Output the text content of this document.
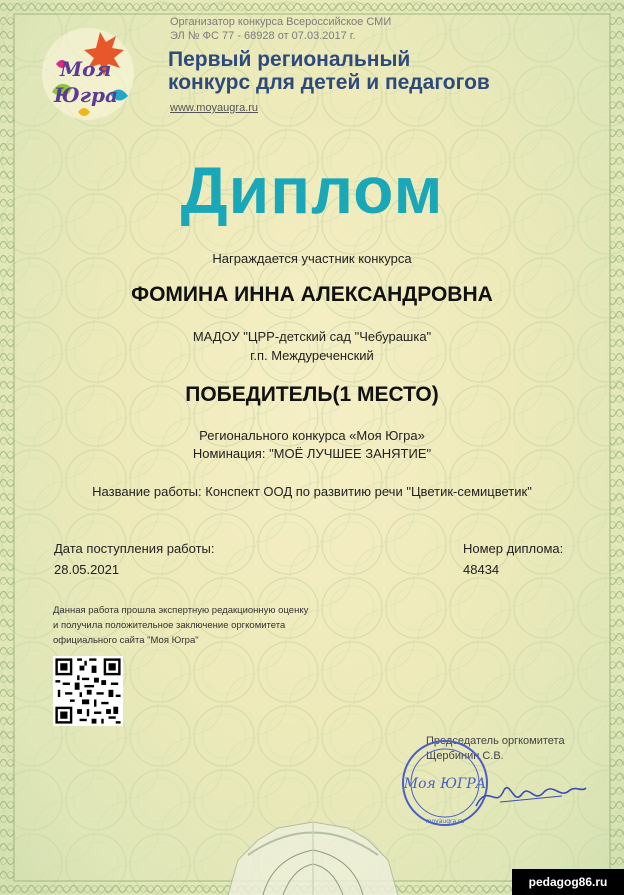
Моя
Югра
Организатор конкурса Всероссийское СМИ
ЭЛ № ФС 77 - 68928 от 07.03.2017 г.
Первый региональный
конкурс для детей и педагогов
www.moyaugra.ru
Диплом
Награждается участник конкурса
ФОМИНА ИННА АЛЕКСАНДРОВНА
МАДОУ "ЦРР-детский сад "Чебурашка"
г.п. Междуреченский
ПОБЕДИТЕЛЬ(1 МЕСТО)
Регионального конкурса «Моя Югра»
Номинация: "МОЁ ЛУЧШЕЕ ЗАНЯТИЕ"
Название работы: Конспект ООД по развитию речи "Цветик-семицветик"
Дата поступления работы:
28.05.2021
Номер диплома:
48434
Данная работа прошла экспертную редакционную оценку
и получила положительное заключение оргкомитета
официального сайта "Моя Югра"
Председатель оргкомитета
Щербинин С.В.
Моя ЮГРА
moyaugra.ru
pedagog86.ru
